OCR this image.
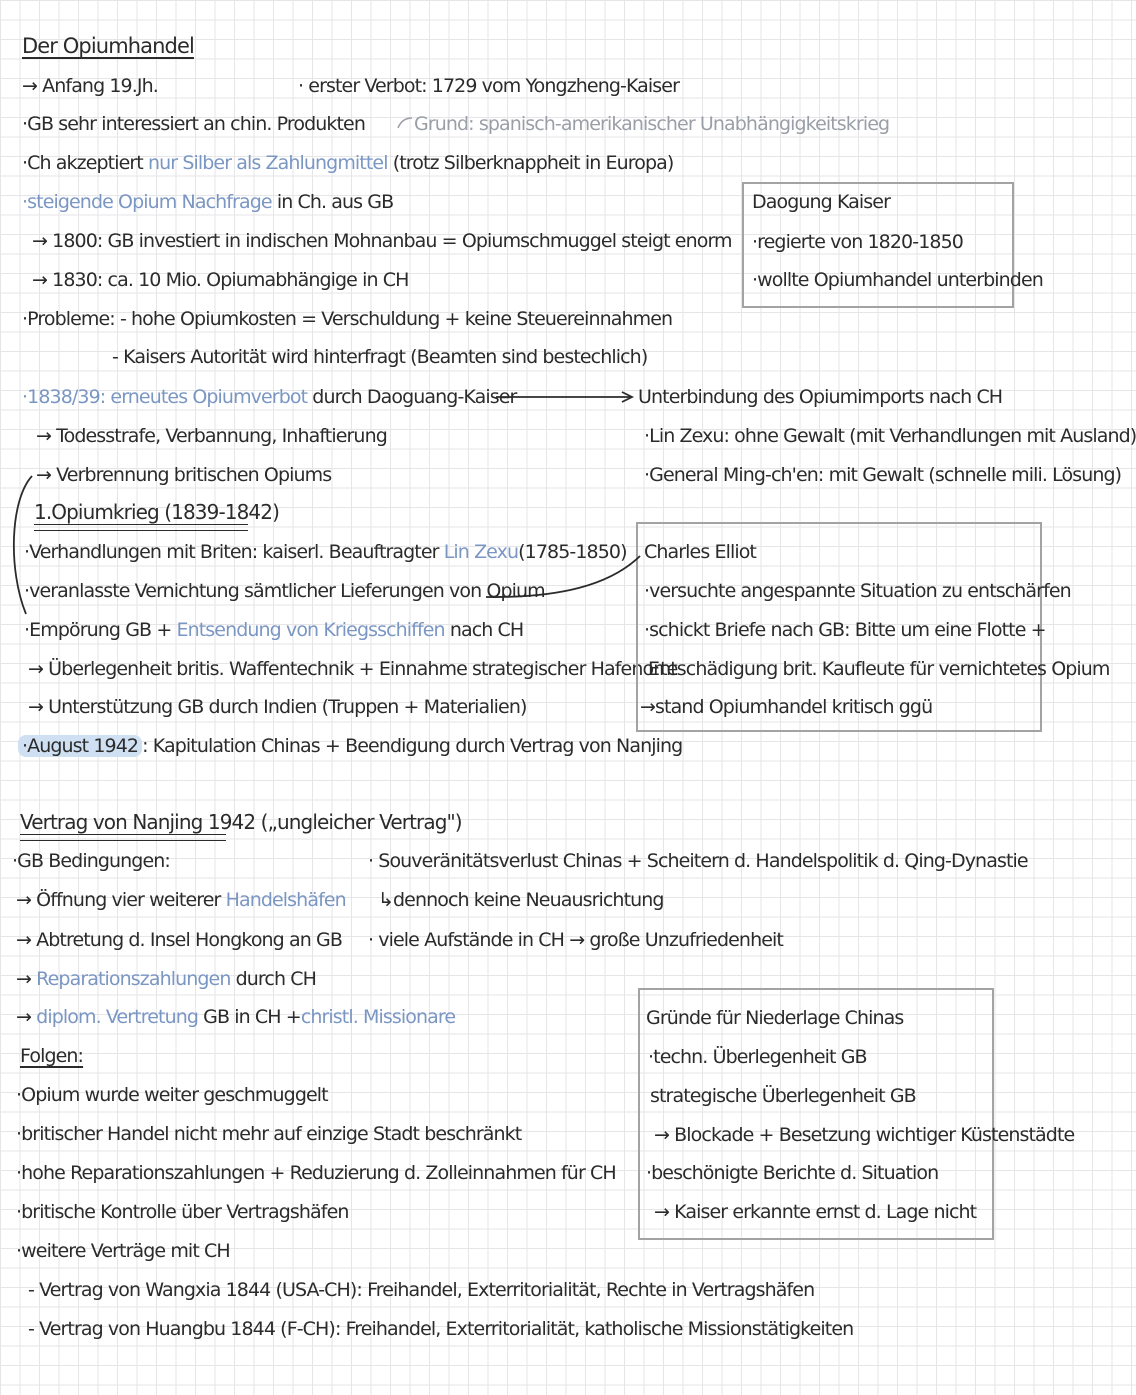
Der Opiumhandel
→ Anfang 19.Jh.	· erster Verbot: 1729 vom Yongzheng-Kaiser
·GB sehr interessiert an chin. Produkten	Grund: spanisch-amerikanischer Unabhängigkeitskrieg
·Ch akzeptiert nur Silber als Zahlungmittel (trotz Silberknappheit in Europa)
·steigende Opium Nachfrage in Ch. aus GB
→ 1800: GB investiert in indischen Mohnanbau = Opiumschmuggel steigt enorm
→ 1830: ca. 10 Mio. Opiumabhängige in CH
·Probleme: - hohe Opiumkosten = Verschuldung + keine Steuereinnahmen
- Kaisers Autorität wird hinterfragt (Beamten sind bestechlich)
·1838/39: erneutes Opiumverbot durch Daoguang-Kaiser	Unterbindung des Opiumimports nach CH
→ Todesstrafe, Verbannung, Inhaftierung	·Lin Zexu: ohne Gewalt (mit Verhandlungen mit Ausland)
→ Verbrennung britischen Opiums	·General Ming-ch'en: mit Gewalt (schnelle mili. Lösung)
Daogung Kaiser
·regierte von 1820-1850
·wollte Opiumhandel unterbinden
1.Opiumkrieg (1839-1842)
·Verhandlungen mit Briten: kaiserl. Beauftragter Lin Zexu(1785-1850)
·veranlasste Vernichtung sämtlicher Lieferungen von Opium
·Empörung GB + Entsendung von Kriegsschiffen nach CH
→ Überlegenheit britis. Waffentechnik + Einnahme strategischer Hafenorte
→ Unterstützung GB durch Indien (Truppen + Materialien)
·August 1942 : Kapitulation Chinas + Beendigung durch Vertrag von Nanjing
Charles Elliot
·versuchte angespannte Situation zu entschärfen
·schickt Briefe nach GB: Bitte um eine Flotte +
Entschädigung brit. Kaufleute für vernichtetes Opium
→stand Opiumhandel kritisch ggü
Vertrag von Nanjing 1942 („ungleicher Vertrag")
·GB Bedingungen:	· Souveränitätsverlust Chinas + Scheitern d. Handelspolitik d. Qing-Dynastie
→ Öffnung vier weiterer Handelshäfen ↳dennoch keine Neuausrichtung
→ Abtretung d. Insel Hongkong an GB · viele Aufstände in CH → große Unzufriedenheit
→ Reparationszahlungen durch CH
→ diplom. Vertretung GB in CH +christl. Missionare
Folgen:
·Opium wurde weiter geschmuggelt
·britischer Handel nicht mehr auf einzige Stadt beschränkt
·hohe Reparationszahlungen + Reduzierung d. Zolleinnahmen für CH
·britische Kontrolle über Vertragshäfen
·weitere Verträge mit CH
- Vertrag von Wangxia 1844 (USA-CH): Freihandel, Exterritorialität, Rechte in Vertragshäfen
- Vertrag von Huangbu 1844 (F-CH): Freihandel, Exterritorialität, katholische Missionstätigkeiten
Gründe für Niederlage Chinas
·techn. Überlegenheit GB
strategische Überlegenheit GB
→ Blockade + Besetzung wichtiger Küstenstädte
·beschönigte Berichte d. Situation
→ Kaiser erkannte ernst d. Lage nicht
